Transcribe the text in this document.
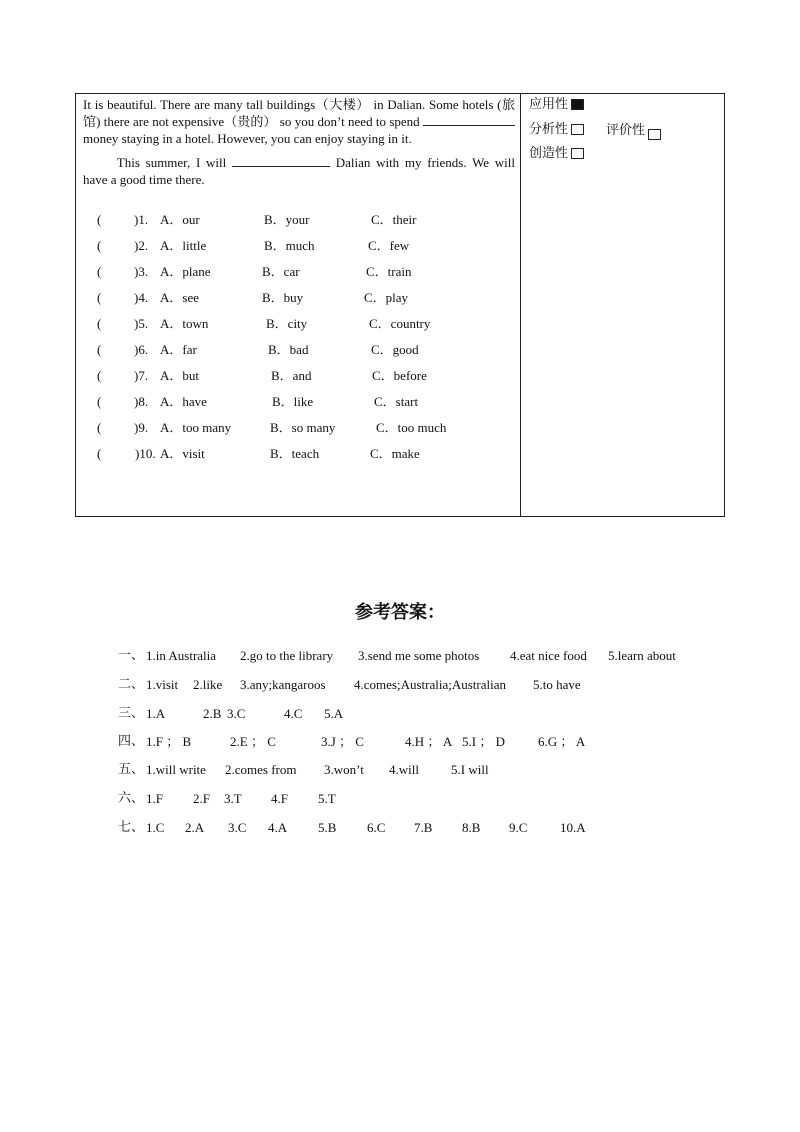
It is beautiful. There are many tall buildings（大楼） in Dalian. Some hotels (旅馆) there are not expensive（贵的） so you don’t need to spend  money staying in a hotel. However, you can enjoy staying in it.

This summer, I will	Dalian with my friends. We will have a good time there.

(	)1. A．our	B．your	C．their
(	)2. A．little	B．much	C．few
(	)3. A．plane	B．car	C．train
(	)4. A．see	B．buy	C．play
(	)5. A．town	B．city	C．country
(	)6. A．far	B．bad	C．good
(	)7. A．but	B．and	C．before
(	)8. A．have	B．like	C．start
(	)9. A．too many	B．so many	C．too much
(	)10. A．visit	B．teach	C．make
应用性
分析性	评价性
创造性
参考答案：
一、 1.in Australia 2.go to the library 3.send me some photos 4.eat nice food 5.learn about
二、 1.visit 2.like 3.any;kangaroos 4.comes;Australia;Australian 5.to have
三、 1.A	2.B 3.C	4.C 5.A
四、 1.F ； B	2.E ； C	3.J ； C	4.H ； A 5.I ； D	6.G ； A
五、 1.will write 2.comes from 3.won’t 4.will 5.I will
六、 1.F 2.F 3.T 4.F 5.T
七、 1.C 2.A 3.C 4.A 5.B 6.C 7.B 8.B 9.C	10.A
